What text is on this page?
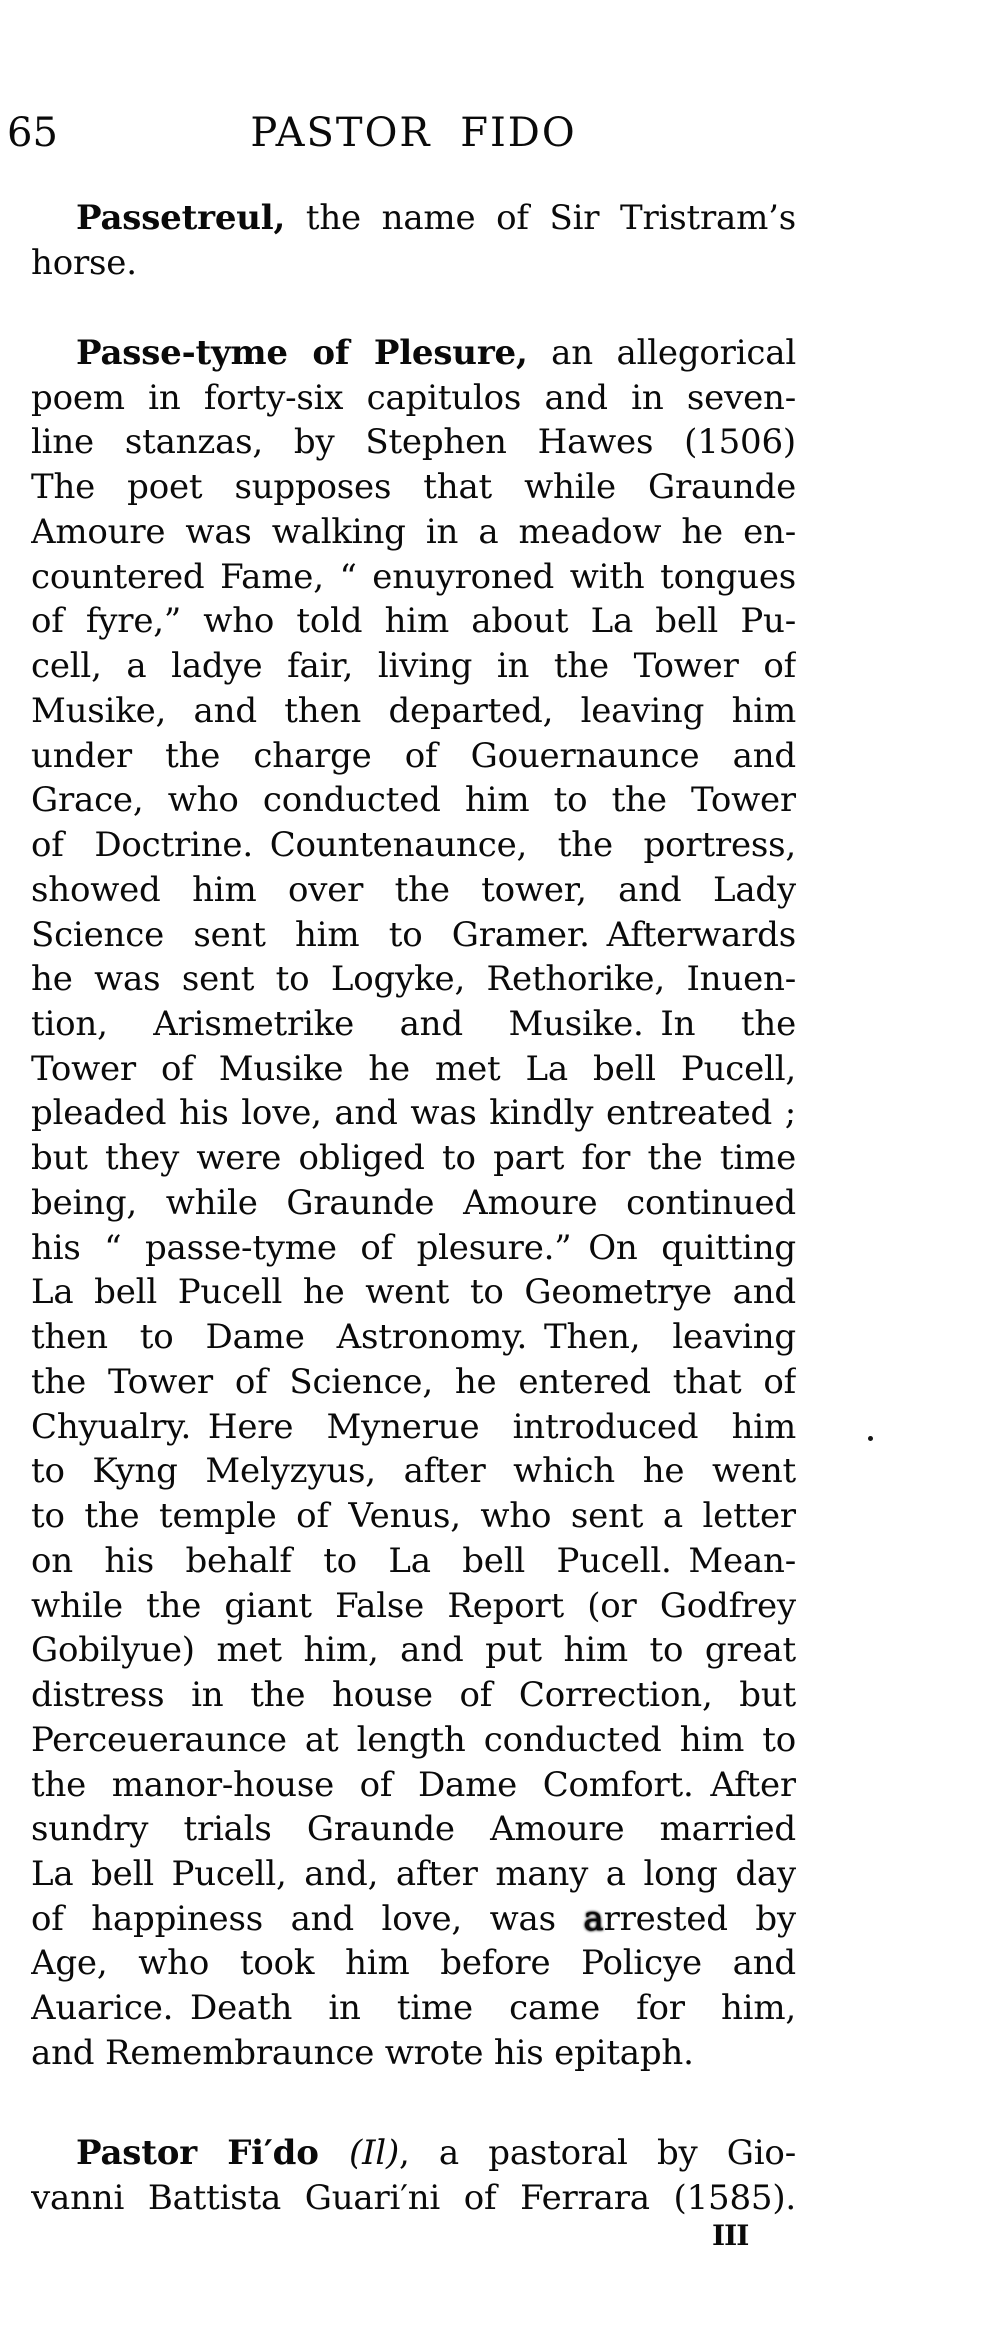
65	PASTOR FIDO
Passetreul, the name of Sir Tristram’s
horse.
Passe-tyme of Plesure, an allegorical
poem in forty-six capitulos and in seven-
line stanzas, by Stephen Hawes (1506)
The poet supposes that while Graunde
Amoure was walking in a meadow he en-
countered Fame, “ enuyroned with tongues
of fyre,” who told him about La bell Pu-
cell, a ladye fair, living in the Tower of
Musike, and then departed, leaving him
under the charge of Gouernaunce and
Grace, who conducted him to the Tower
of Doctrine. Countenaunce, the portress,
showed him over the tower, and Lady
Science sent him to Gramer. Afterwards
he was sent to Logyke, Rethorike, Inuen-
tion, Arismetrike and Musike. In the
Tower of Musike he met La bell Pucell,
pleaded his love, and was kindly entreated ;
but they were obliged to part for the time
being, while Graunde Amoure continued
his “ passe-tyme of plesure.” On quitting
La bell Pucell he went to Geometrye and
then to Dame Astronomy. Then, leaving
the Tower of Science, he entered that of
Chyualry. Here Mynerue introduced him
to Kyng Melyzyus, after which he went
to the temple of Venus, who sent a letter
on his behalf to La bell Pucell. Mean-
while the giant False Report (or Godfrey
Gobilyue) met him, and put him to great
distress in the house of Correction, but
Perceueraunce at length conducted him to
the manor-house of Dame Comfort. After
sundry trials Graunde Amoure married
La bell Pucell, and, after many a long day
of happiness and love, was arrested by
Age, who took him before Policye and
Auarice. Death in time came for him,
and Remembraunce wrote his epitaph.
Pastor Fi′do (Il), a pastoral by Gio-
vanni Battista Guari′ni of Ferrara (1585).
III
